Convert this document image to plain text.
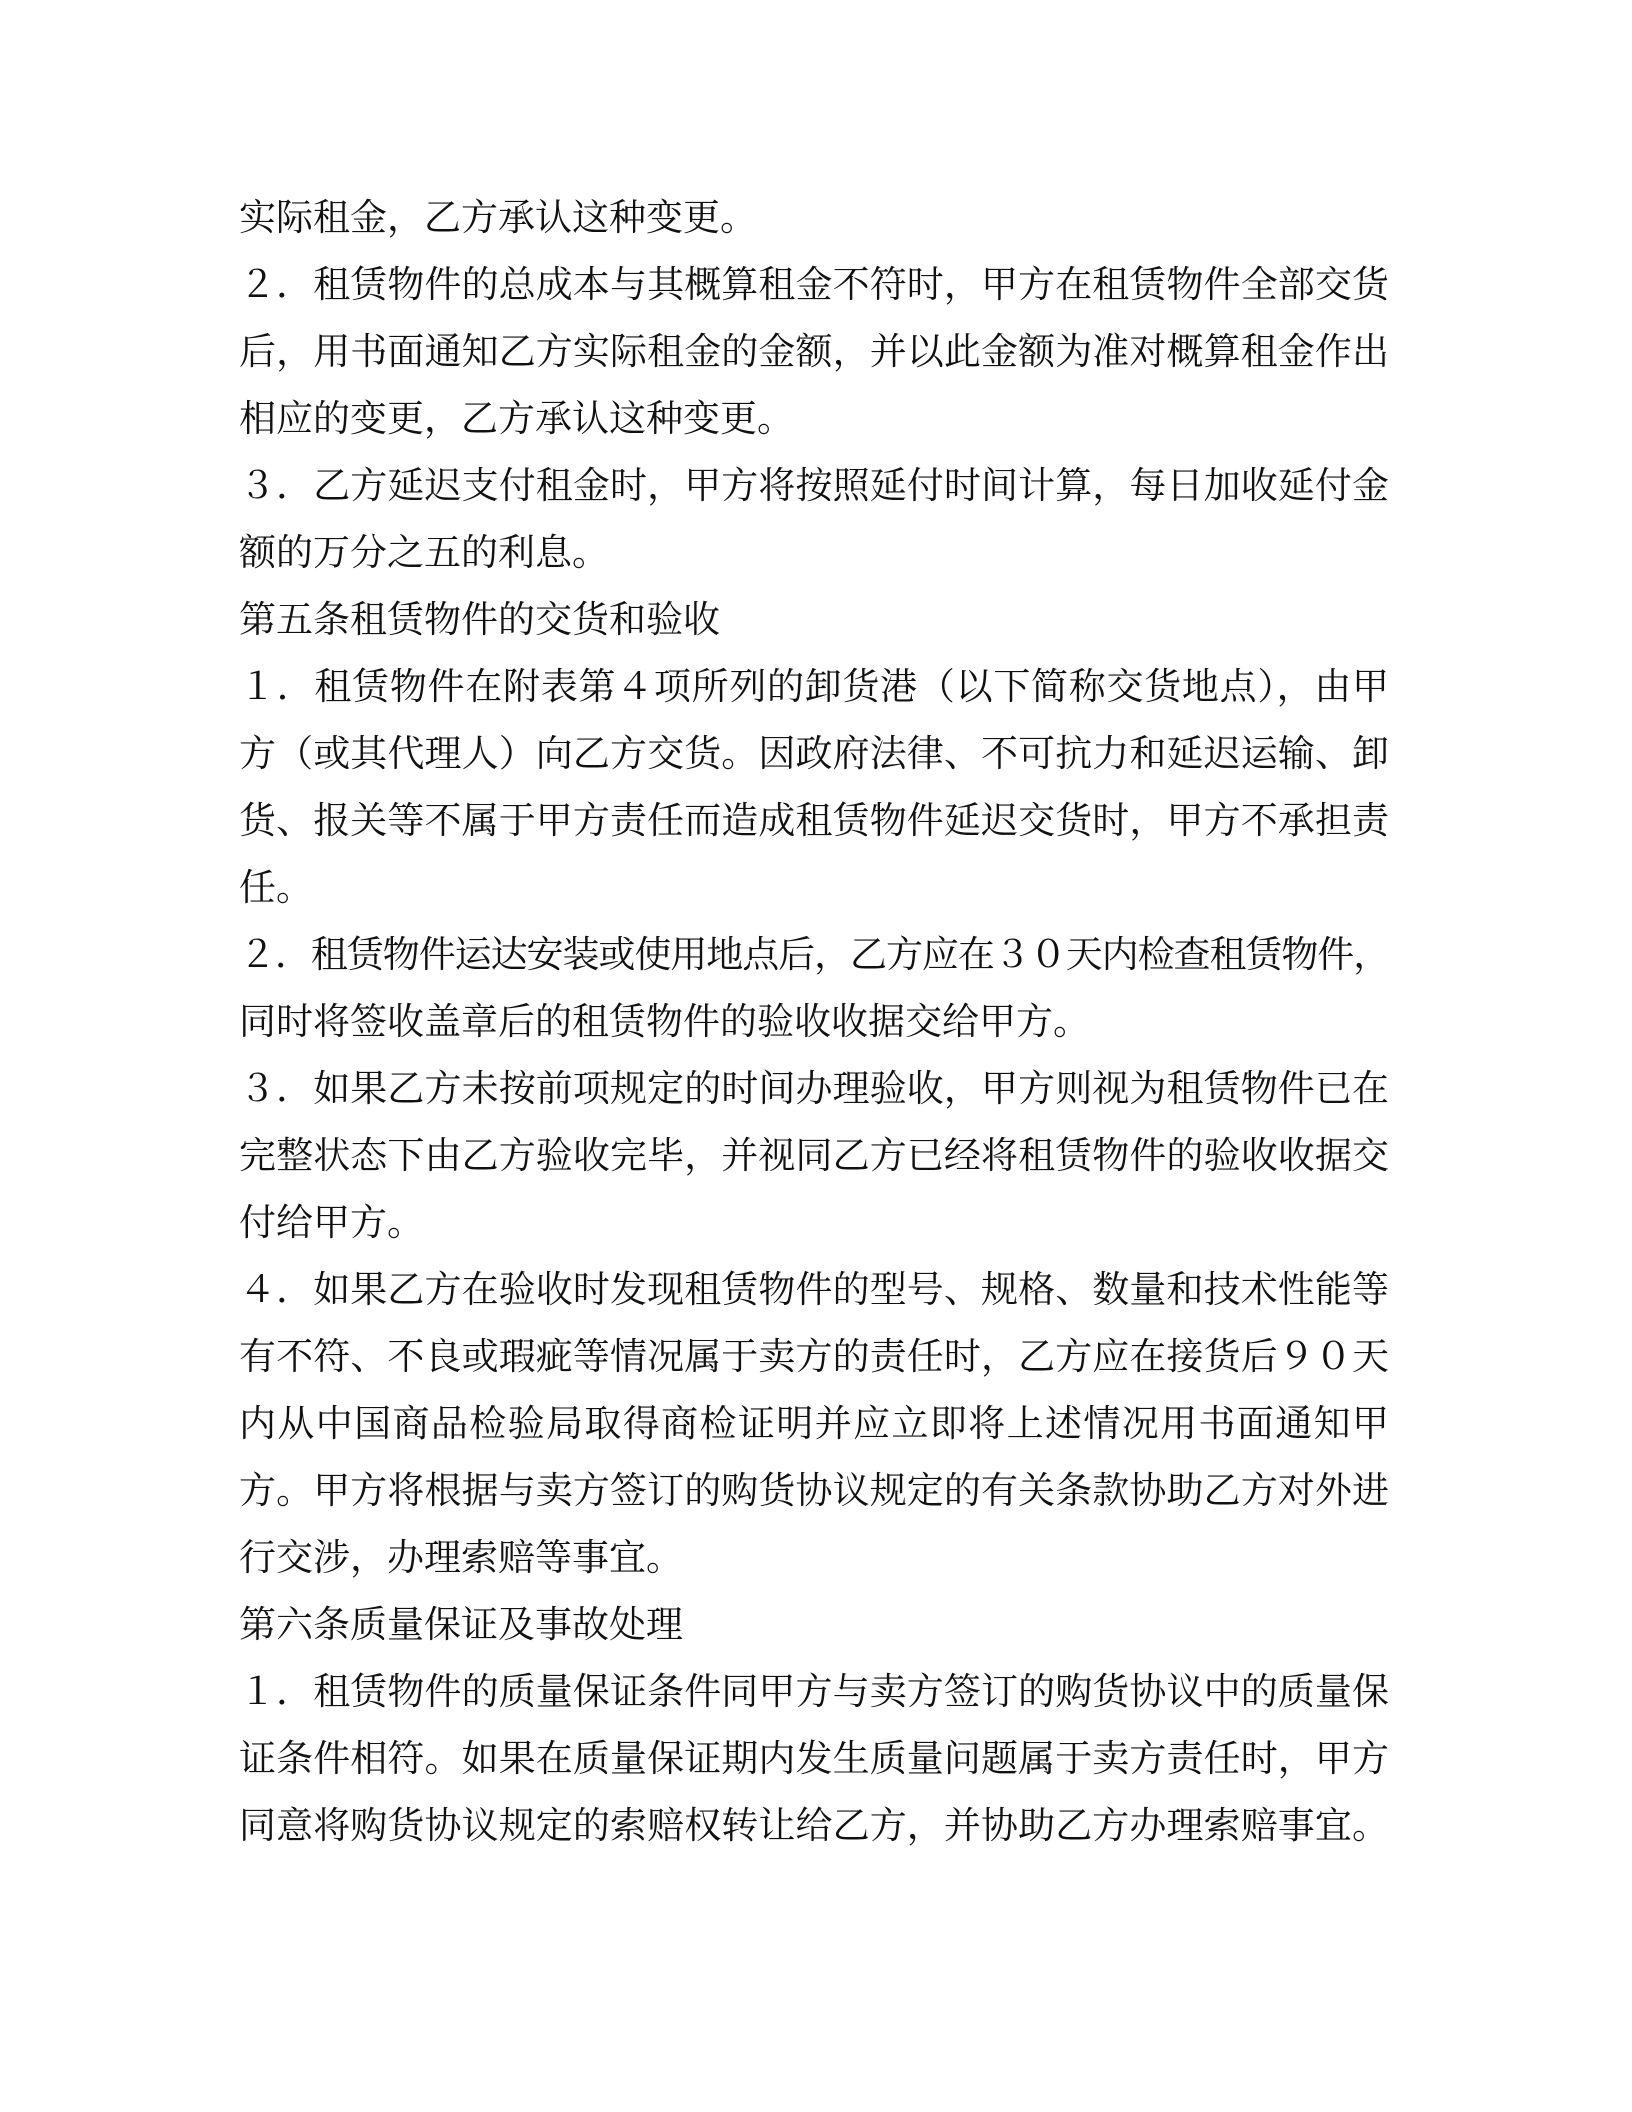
实际租金，乙方承认这种变更。
２．租赁物件的总成本与其概算租金不符时，甲方在租赁物件全部交货
后，用书面通知乙方实际租金的金额，并以此金额为准对概算租金作出
相应的变更，乙方承认这种变更。
３．乙方延迟支付租金时，甲方将按照延付时间计算，每日加收延付金
额的万分之五的利息。
第五条租赁物件的交货和验收
１．租赁物件在附表第４项所列的卸货港（以下简称交货地点），由甲
方（或其代理人）向乙方交货。因政府法律、不可抗力和延迟运输、卸
货、报关等不属于甲方责任而造成租赁物件延迟交货时，甲方不承担责
任。
２．租赁物件运达安装或使用地点后，乙方应在３０天内检查租赁物件，
同时将签收盖章后的租赁物件的验收收据交给甲方。
３．如果乙方未按前项规定的时间办理验收，甲方则视为租赁物件已在
完整状态下由乙方验收完毕，并视同乙方已经将租赁物件的验收收据交
付给甲方。
４．如果乙方在验收时发现租赁物件的型号、规格、数量和技术性能等
有不符、不良或瑕疵等情况属于卖方的责任时，乙方应在接货后９０天
内从中国商品检验局取得商检证明并应立即将上述情况用书面通知甲
方。甲方将根据与卖方签订的购货协议规定的有关条款协助乙方对外进
行交涉，办理索赔等事宜。
第六条质量保证及事故处理
１．租赁物件的质量保证条件同甲方与卖方签订的购货协议中的质量保
证条件相符。如果在质量保证期内发生质量问题属于卖方责任时，甲方
同意将购货协议规定的索赔权转让给乙方，并协助乙方办理索赔事宜。
